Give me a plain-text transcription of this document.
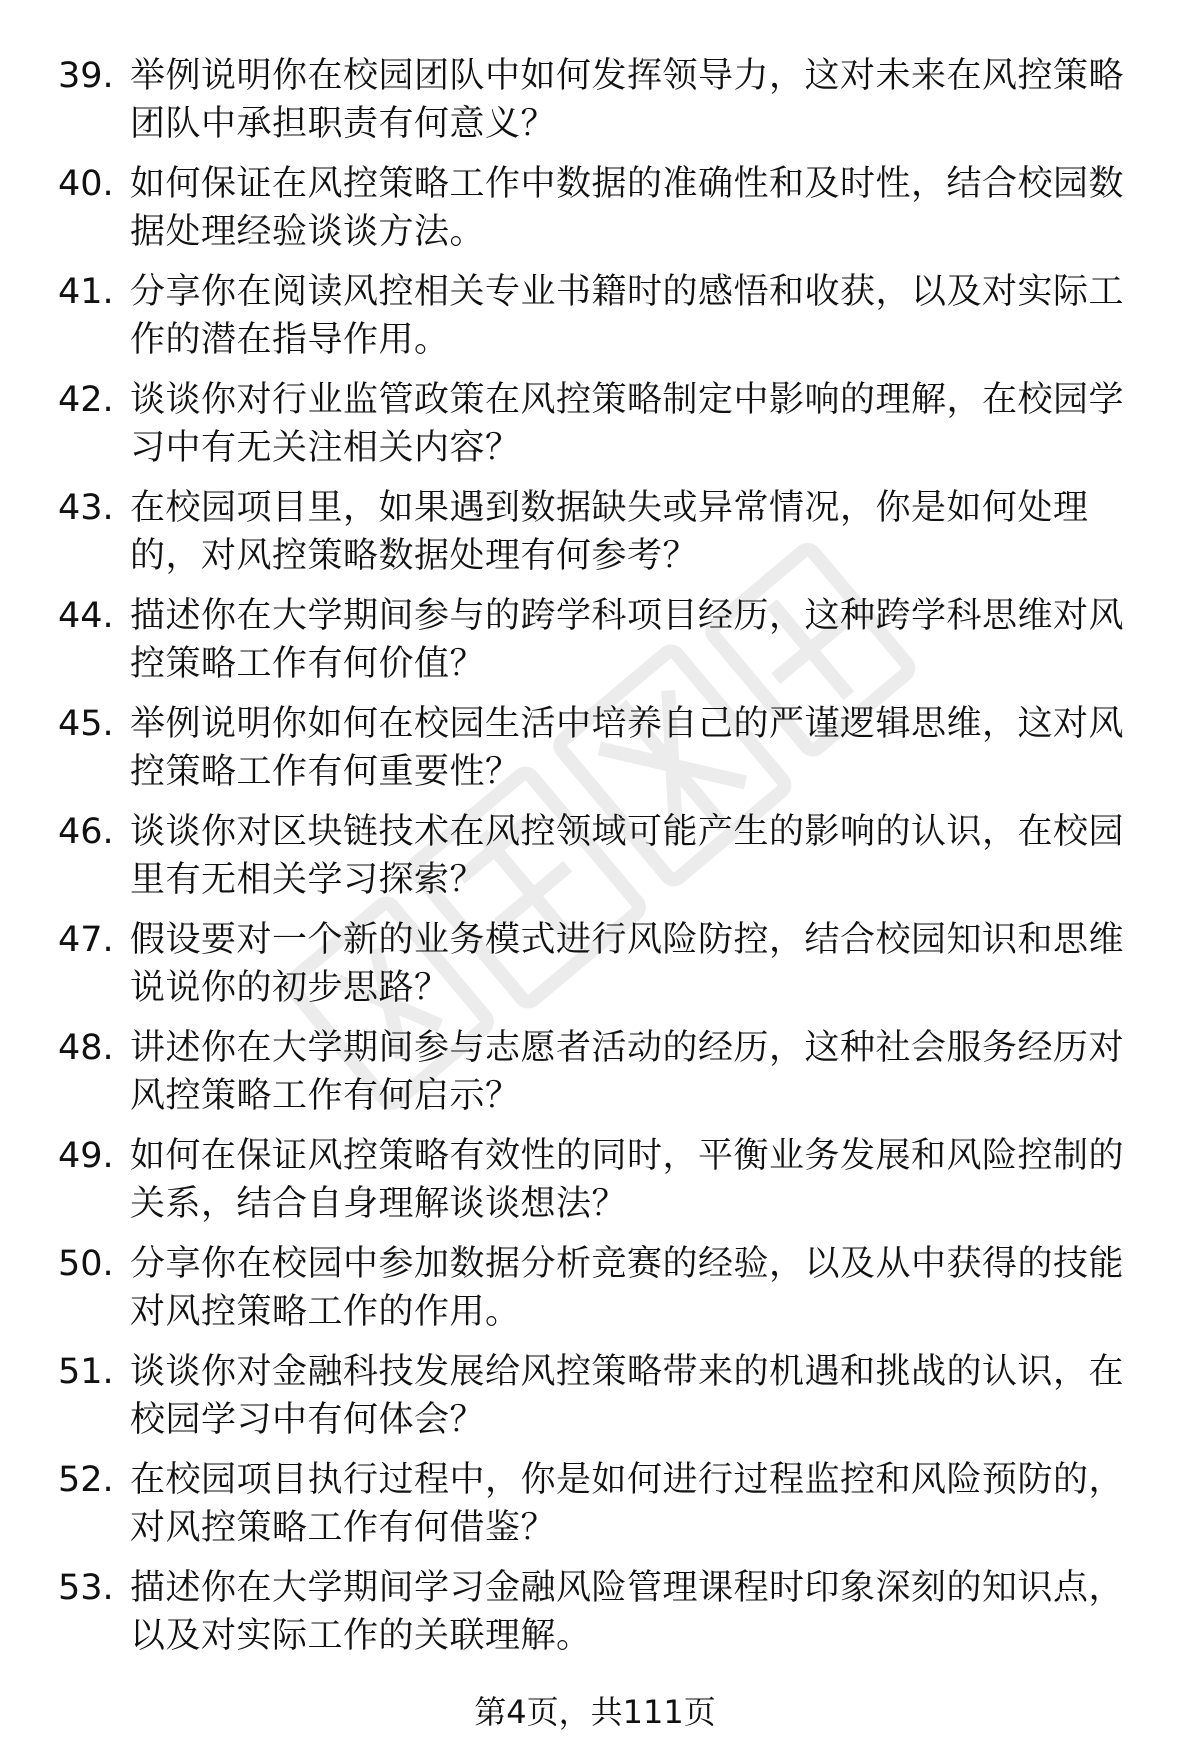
39. 举例说明你在校园团队中如何发挥领导力，这对未来在风控策略
团队中承担职责有何意义？
40. 如何保证在风控策略工作中数据的准确性和及时性，结合校园数
据处理经验谈谈方法。
41. 分享你在阅读风控相关专业书籍时的感悟和收获，以及对实际工
作的潜在指导作用。
42. 谈谈你对行业监管政策在风控策略制定中影响的理解，在校园学
习中有无关注相关内容？
43. 在校园项目里，如果遇到数据缺失或异常情况，你是如何处理
的，对风控策略数据处理有何参考？
44. 描述你在大学期间参与的跨学科项目经历，这种跨学科思维对风
控策略工作有何价值？
45. 举例说明你如何在校园生活中培养自己的严谨逻辑思维，这对风
控策略工作有何重要性？
46. 谈谈你对区块链技术在风控领域可能产生的影响的认识，在校园
里有无相关学习探索？
47. 假设要对一个新的业务模式进行风险防控，结合校园知识和思维
说说你的初步思路？
48. 讲述你在大学期间参与志愿者活动的经历，这种社会服务经历对
风控策略工作有何启示？
49. 如何在保证风控策略有效性的同时，平衡业务发展和风险控制的
关系，结合自身理解谈谈想法？
50. 分享你在校园中参加数据分析竞赛的经验，以及从中获得的技能
对风控策略工作的作用。
51. 谈谈你对金融科技发展给风控策略带来的机遇和挑战的认识，在
校园学习中有何体会？
52. 在校园项目执行过程中，你是如何进行过程监控和风险预防的，
对风控策略工作有何借鉴？
53. 描述你在大学期间学习金融风险管理课程时印象深刻的知识点，
以及对实际工作的关联理解。
第4页，共111页
